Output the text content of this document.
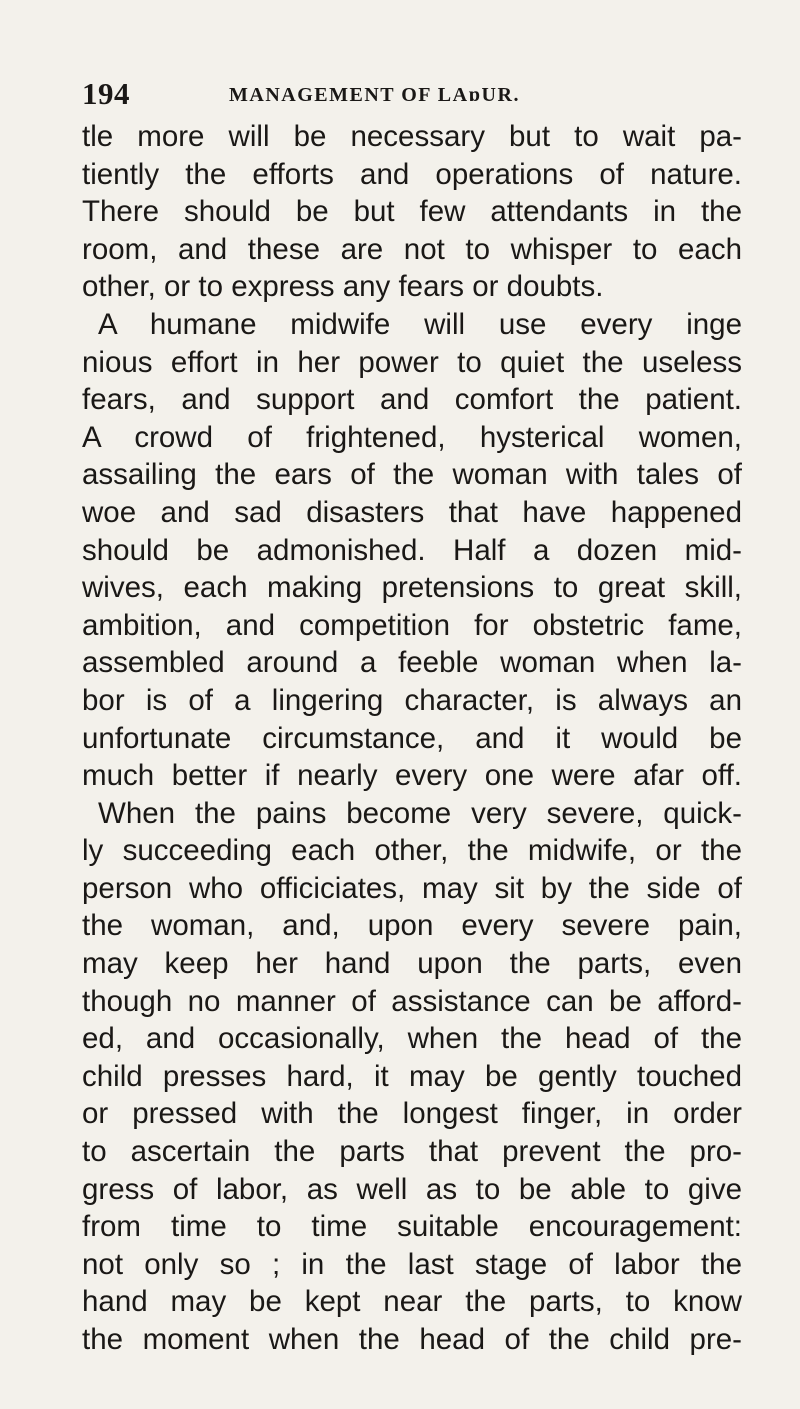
194	MANAGEMENT OF LAɒUR.
tle more will be necessary but to wait pa-
tiently the efforts and operations of nature.
There should be but few attendants in the
room, and these are not to whisper to each
other, or to express any fears or doubts.
A humane midwife will use every inge
nious effort in her power to quiet the useless
fears, and support and comfort the patient.
A crowd of frightened, hysterical women,
assailing the ears of the woman with tales of
woe and sad disasters that have happened
should be admonished. Half a dozen mid-
wives, each making pretensions to great skill,
ambition, and competition for obstetric fame,
assembled around a feeble woman when la-
bor is of a lingering character, is always an
unfortunate circumstance, and it would be
much better if nearly every one were afar off.
When the pains become very severe, quick-
ly succeeding each other, the midwife, or the
person who officiciates, may sit by the side of
the woman, and, upon every severe pain,
may keep her hand upon the parts, even
though no manner of assistance can be afford-
ed, and occasionally, when the head of the
child presses hard, it may be gently touched
or pressed with the longest finger, in order
to ascertain the parts that prevent the pro-
gress of labor, as well as to be able to give
from time to time suitable encouragement:
not only so ; in the last stage of labor the
hand may be kept near the parts, to know
the moment when the head of the child pre-
